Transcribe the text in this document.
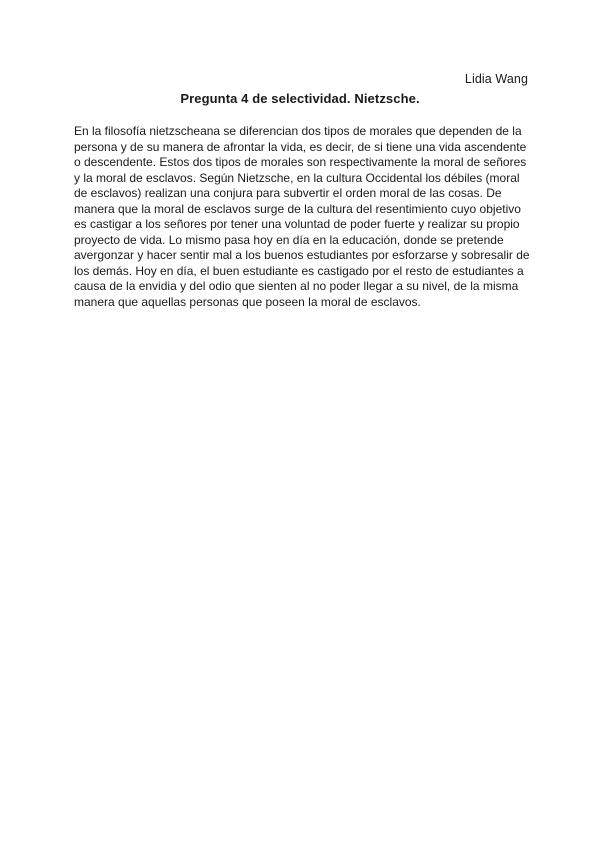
Lidia Wang
Pregunta 4 de selectividad. Nietzsche.
En la filosofía nietzscheana se diferencian dos tipos de morales que dependen de la persona y de su manera de afrontar la vida, es decir, de si tiene una vida ascendente o descendente. Estos dos tipos de morales son respectivamente la moral de señores y la moral de esclavos. Según Nietzsche, en la cultura Occidental los débiles (moral de esclavos) realizan una conjura para subvertir el orden moral de las cosas. De manera que la moral de esclavos surge de la cultura del resentimiento cuyo objetivo es castigar a los señores por tener una voluntad de poder fuerte y realizar su propio proyecto de vida. Lo mismo pasa hoy en día en la educación, donde se pretende avergonzar y hacer sentir mal a los buenos estudiantes por esforzarse y sobresalir de los demás. Hoy en día, el buen estudiante es castigado por el resto de estudiantes a causa de la envidia y del odio que sienten al no poder llegar a su nivel, de la misma manera que aquellas personas que poseen la moral de esclavos.
